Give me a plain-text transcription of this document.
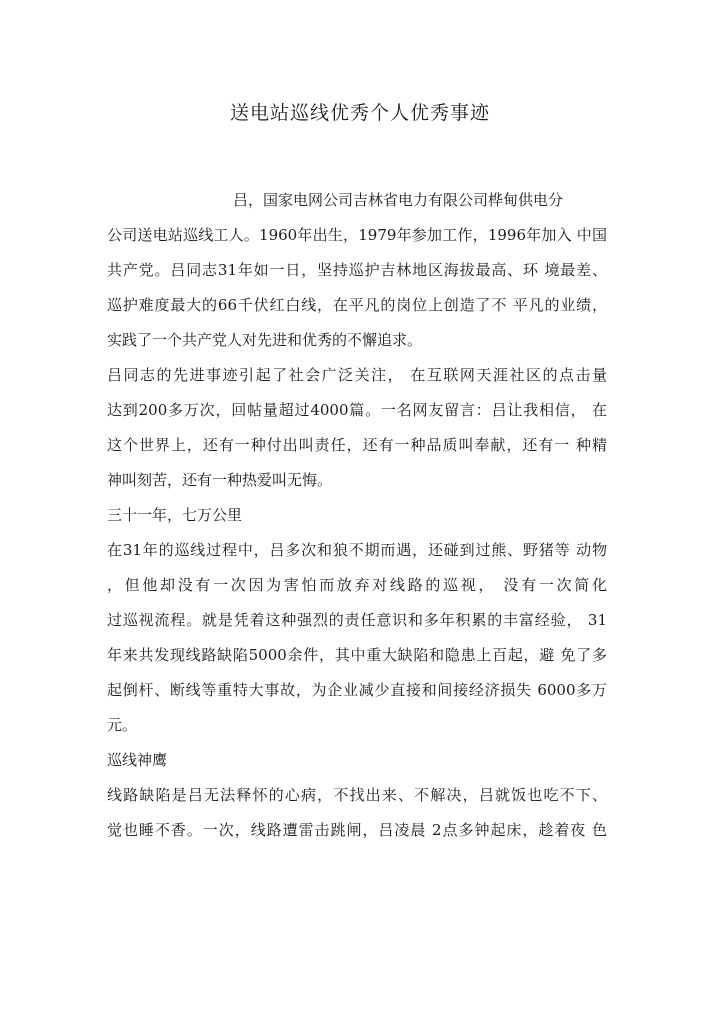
送电站巡线优秀个人优秀事迹
吕，国家电网公司吉林省电力有限公司桦甸供电分
公司送电站巡线工人。1960年出生，1979年参加工作，1996年加入 中国
共产党。吕同志31年如一日，坚持巡护吉林地区海拔最高、环 境最差、
巡护难度最大的66千伏红白线，在平凡的岗位上创造了不 平凡的业绩，
实践了一个共产党人对先进和优秀的不懈追求。
吕同志的先进事迹引起了社会广泛关注， 在互联网天涯社区的点击量
达到200多万次，回帖量超过4000篇。一名网友留言：吕让我相信， 在
这个世界上，还有一种付出叫责任，还有一种品质叫奉献，还有一 种精
神叫刻苦，还有一种热爱叫无悔。
三十一年，七万公里
在31年的巡线过程中，吕多次和狼不期而遇，还碰到过熊、野猪等 动物
，但他却没有一次因为害怕而放弃对线路的巡视， 没有一次简化
过巡视流程。就是凭着这种强烈的责任意识和多年积累的丰富经验， 31
年来共发现线路缺陷5000余件，其中重大缺陷和隐患上百起，避 免了多
起倒杆、断线等重特大事故，为企业减少直接和间接经济损失 6000多万
元。
巡线神鹰
线路缺陷是吕无法释怀的心病，不找出来、不解决，吕就饭也吃不下、
觉也睡不香。一次，线路遭雷击跳闸，吕凌晨 2点多钟起床，趁着夜 色
